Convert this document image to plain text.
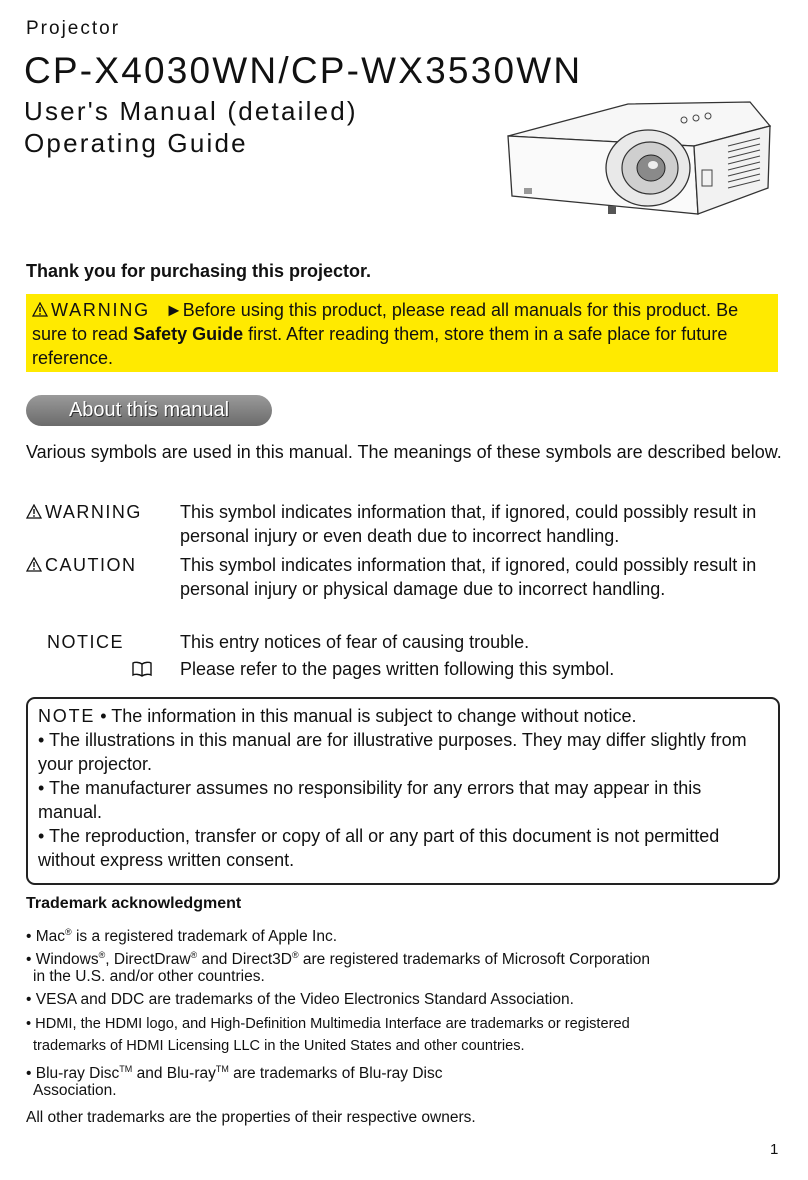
Projector
CP-X4030WN/CP-WX3530WN
User's Manual (detailed)
Operating Guide
Thank you for purchasing this projector.
WARNING ►Before using this product, please read all manuals for this product. Be sure to read Safety Guide first. After reading them, store them in a safe place for future reference.
About this manual
Various symbols are used in this manual. The meanings of these symbols are described below.
WARNING This symbol indicates information that, if ignored, could possibly result in personal injury or even death due to incorrect handling.
CAUTION This symbol indicates information that, if ignored, could possibly result in personal injury or physical damage due to incorrect handling.
NOTICE	This entry notices of fear of causing trouble.
Please refer to the pages written following this symbol.
NOTE • The information in this manual is subject to change without notice.
• The illustrations in this manual are for illustrative purposes. They may differ slightly from your projector.
• The manufacturer assumes no responsibility for any errors that may appear in this manual.
• The reproduction, transfer or copy of all or any part of this document is not permitted without express written consent.
Trademark acknowledgment
• Mac® is a registered trademark of Apple Inc.
• Windows®, DirectDraw® and Direct3D® are registered trademarks of Microsoft Corporation
in the U.S. and/or other countries.
• VESA and DDC are trademarks of the Video Electronics Standard Association.
• HDMI, the HDMI logo, and High-Definition Multimedia Interface are trademarks or registered
trademarks of HDMI Licensing LLC in the United States and other countries.
• Blu-ray Disc™ and Blu-ray™ are trademarks of Blu-ray Disc
Association.
All other trademarks are the properties of their respective owners.
1
